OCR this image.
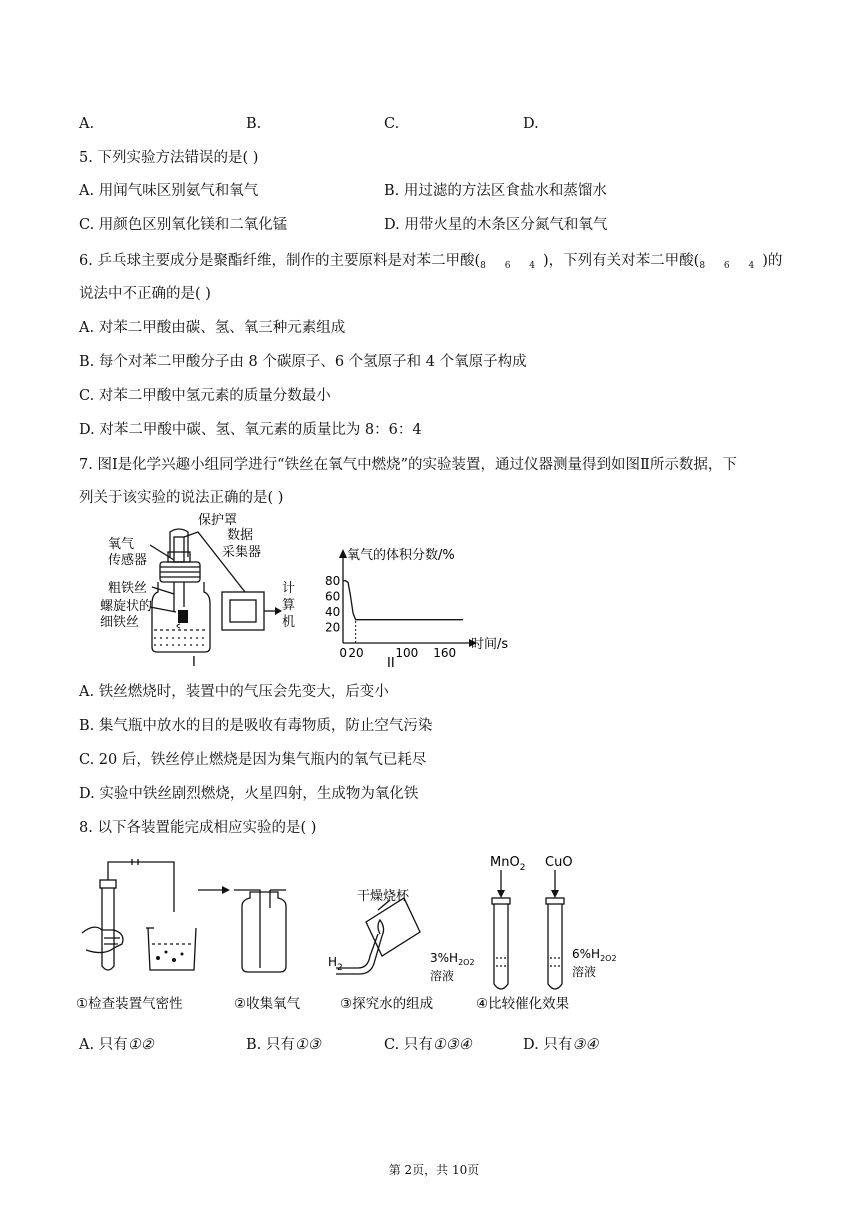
A.	B.	C.	D.
5. 下列实验方法错误的是( )
A. 用闻气味区别氨气和氧气	B. 用过滤的方法区食盐水和蒸馏水
C. 用颜色区别氧化镁和二氧化锰	D. 用带火星的木条区分氮气和氧气
6. 乒乓球主要成分是聚酯纤维，制作的主要原料是对苯二甲酸$(_{8 6 4})$，下列有关对苯二甲酸$(_{8 6 4})$的
说法中不正确的是( )
A. 对苯二甲酸由碳、氢、氧三种元素组成
B. 每个对苯二甲酸分子由 8 个碳原子、6 个氢原子和 4 个氧原子构成
C. 对苯二甲酸中氢元素的质量分数最小
D. 对苯二甲酸中碳、氢、氧元素的质量比为 8：6：4
7. 图Ⅰ是化学兴趣小组同学进行“铁丝在氧气中燃烧”的实验装置，通过仪器测量得到如图Ⅱ所示数据，下
列关于该实验的说法正确的是( )
保护罩
数据
采集器
氧气
传感器
粗铁丝
螺旋状的
细铁丝
计
算
机
I
0 20	100 160
20
40
60
80
氧气的体积分数/%
时间/s
II
A. 铁丝燃烧时，装置中的气压会先变大，后变小
B. 集气瓶中放水的目的是吸收有毒物质，防止空气污染
C. 20 后，铁丝停止燃烧是因为集气瓶内的氧气已耗尽
D. 实验中铁丝剧烈燃烧，火星四射，生成物为氧化铁
8. 以下各装置能完成相应实验的是( )
MnO$_2$ CuO
干燥烧杯
$H_2$
$3\%H_{2O2}$
溶液
$6\%H_{2O2}$
溶液
①检查装置气密性	②收集氧气	③探究水的组成	④比较催化效果
A. 只有①②	B. 只有①③	C. 只有①③④	D. 只有③④
第 2页，共 10页
